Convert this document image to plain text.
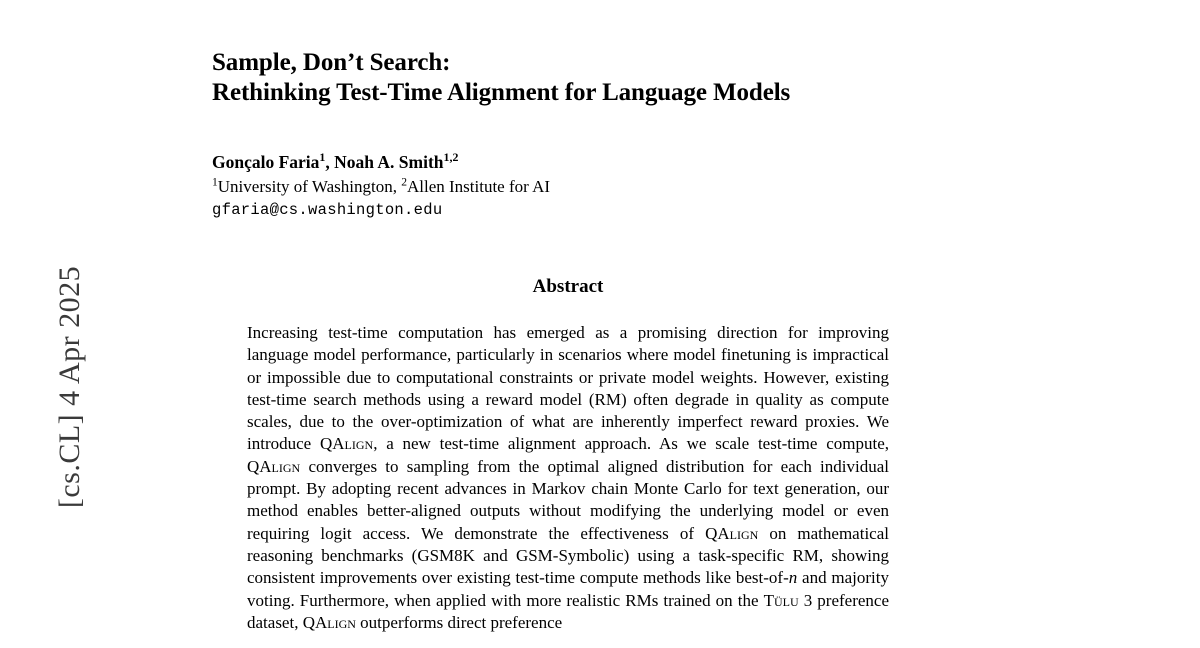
[cs.CL] 4 Apr 2025
Sample, Don’t Search:
Rethinking Test-Time Alignment for Language Models
Gonçalo Faria$^1$, Noah A. Smith$^{1,2}$
$^1$University of Washington, $^2$Allen Institute for AI
gfaria@cs.washington.edu
Abstract
Increasing test-time computation has emerged as a promising direction for improving language model performance, particularly in scenarios where model finetuning is impractical or impossible due to computational constraints or private model weights. However, existing test-time search methods using a reward model (RM) often degrade in quality as compute scales, due to the over-optimization of what are inherently imperfect reward proxies. We introduce QAlign, a new test-time alignment approach. As we scale test-time compute, QAlign converges to sampling from the optimal aligned distribution for each individual prompt. By adopting recent advances in Markov chain Monte Carlo for text generation, our method enables better-aligned outputs without modifying the underlying model or even requiring logit access. We demonstrate the effectiveness of QAlign on mathematical reasoning benchmarks (GSM8K and GSM-Symbolic) using a task-specific RM, showing consistent improvements over existing test-time compute methods like best-of-n and majority voting. Furthermore, when applied with more realistic RMs trained on the Tülu 3 preference dataset, QAlign outperforms direct preference
